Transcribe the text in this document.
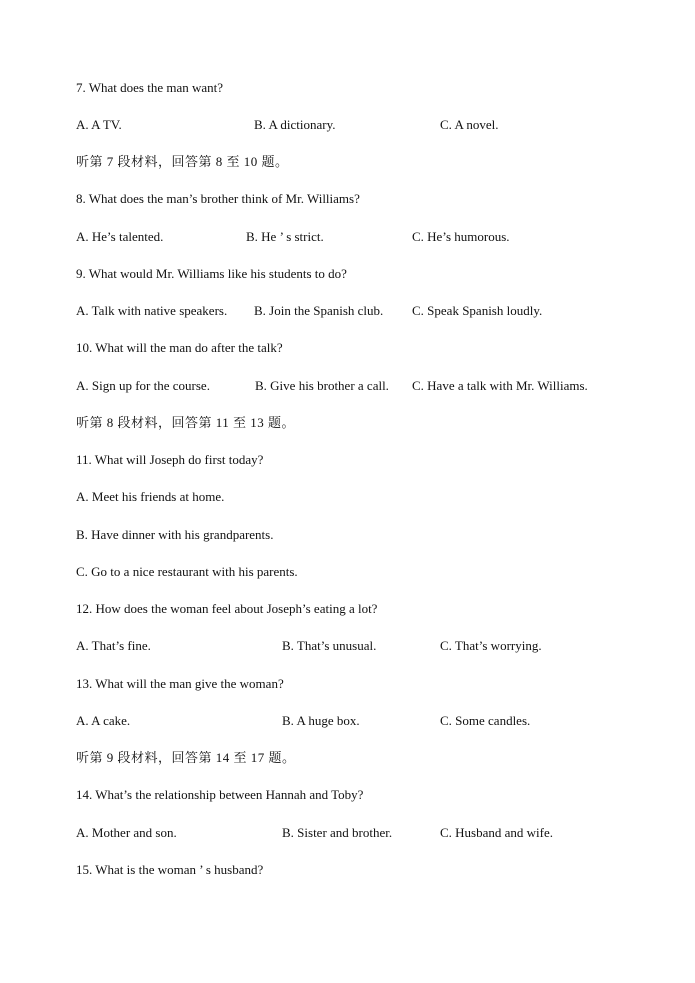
7. What does the man want?
A. A TV.	B. A dictionary.	C. A novel.
听第 7 段材料，回答第 8 至 10 题。
8. What does the man’s brother think of Mr. Williams?
A. He’s talented.	B. He ’ s strict.	C. He’s humorous.
9. What would Mr. Williams like his students to do?
A. Talk with native speakers. B. Join the Spanish club. C. Speak Spanish loudly.
10. What will the man do after the talk?
A. Sign up for the course.	B. Give his brother a call. C. Have a talk with Mr. Williams.
听第 8 段材料，回答第 11 至 13 题。
11. What will Joseph do first today?
A. Meet his friends at home.
B. Have dinner with his grandparents.
C. Go to a nice restaurant with his parents.
12. How does the woman feel about Joseph’s eating a lot?
A. That’s fine.	B. That’s unusual.	C. That’s worrying.
13. What will the man give the woman?
A. A cake.	B. A huge box.	C. Some candles.
听第 9 段材料，回答第 14 至 17 题。
14. What’s the relationship between Hannah and Toby?
A. Mother and son.	B. Sister and brother.	C. Husband and wife.
15. What is the woman ’ s husband?
